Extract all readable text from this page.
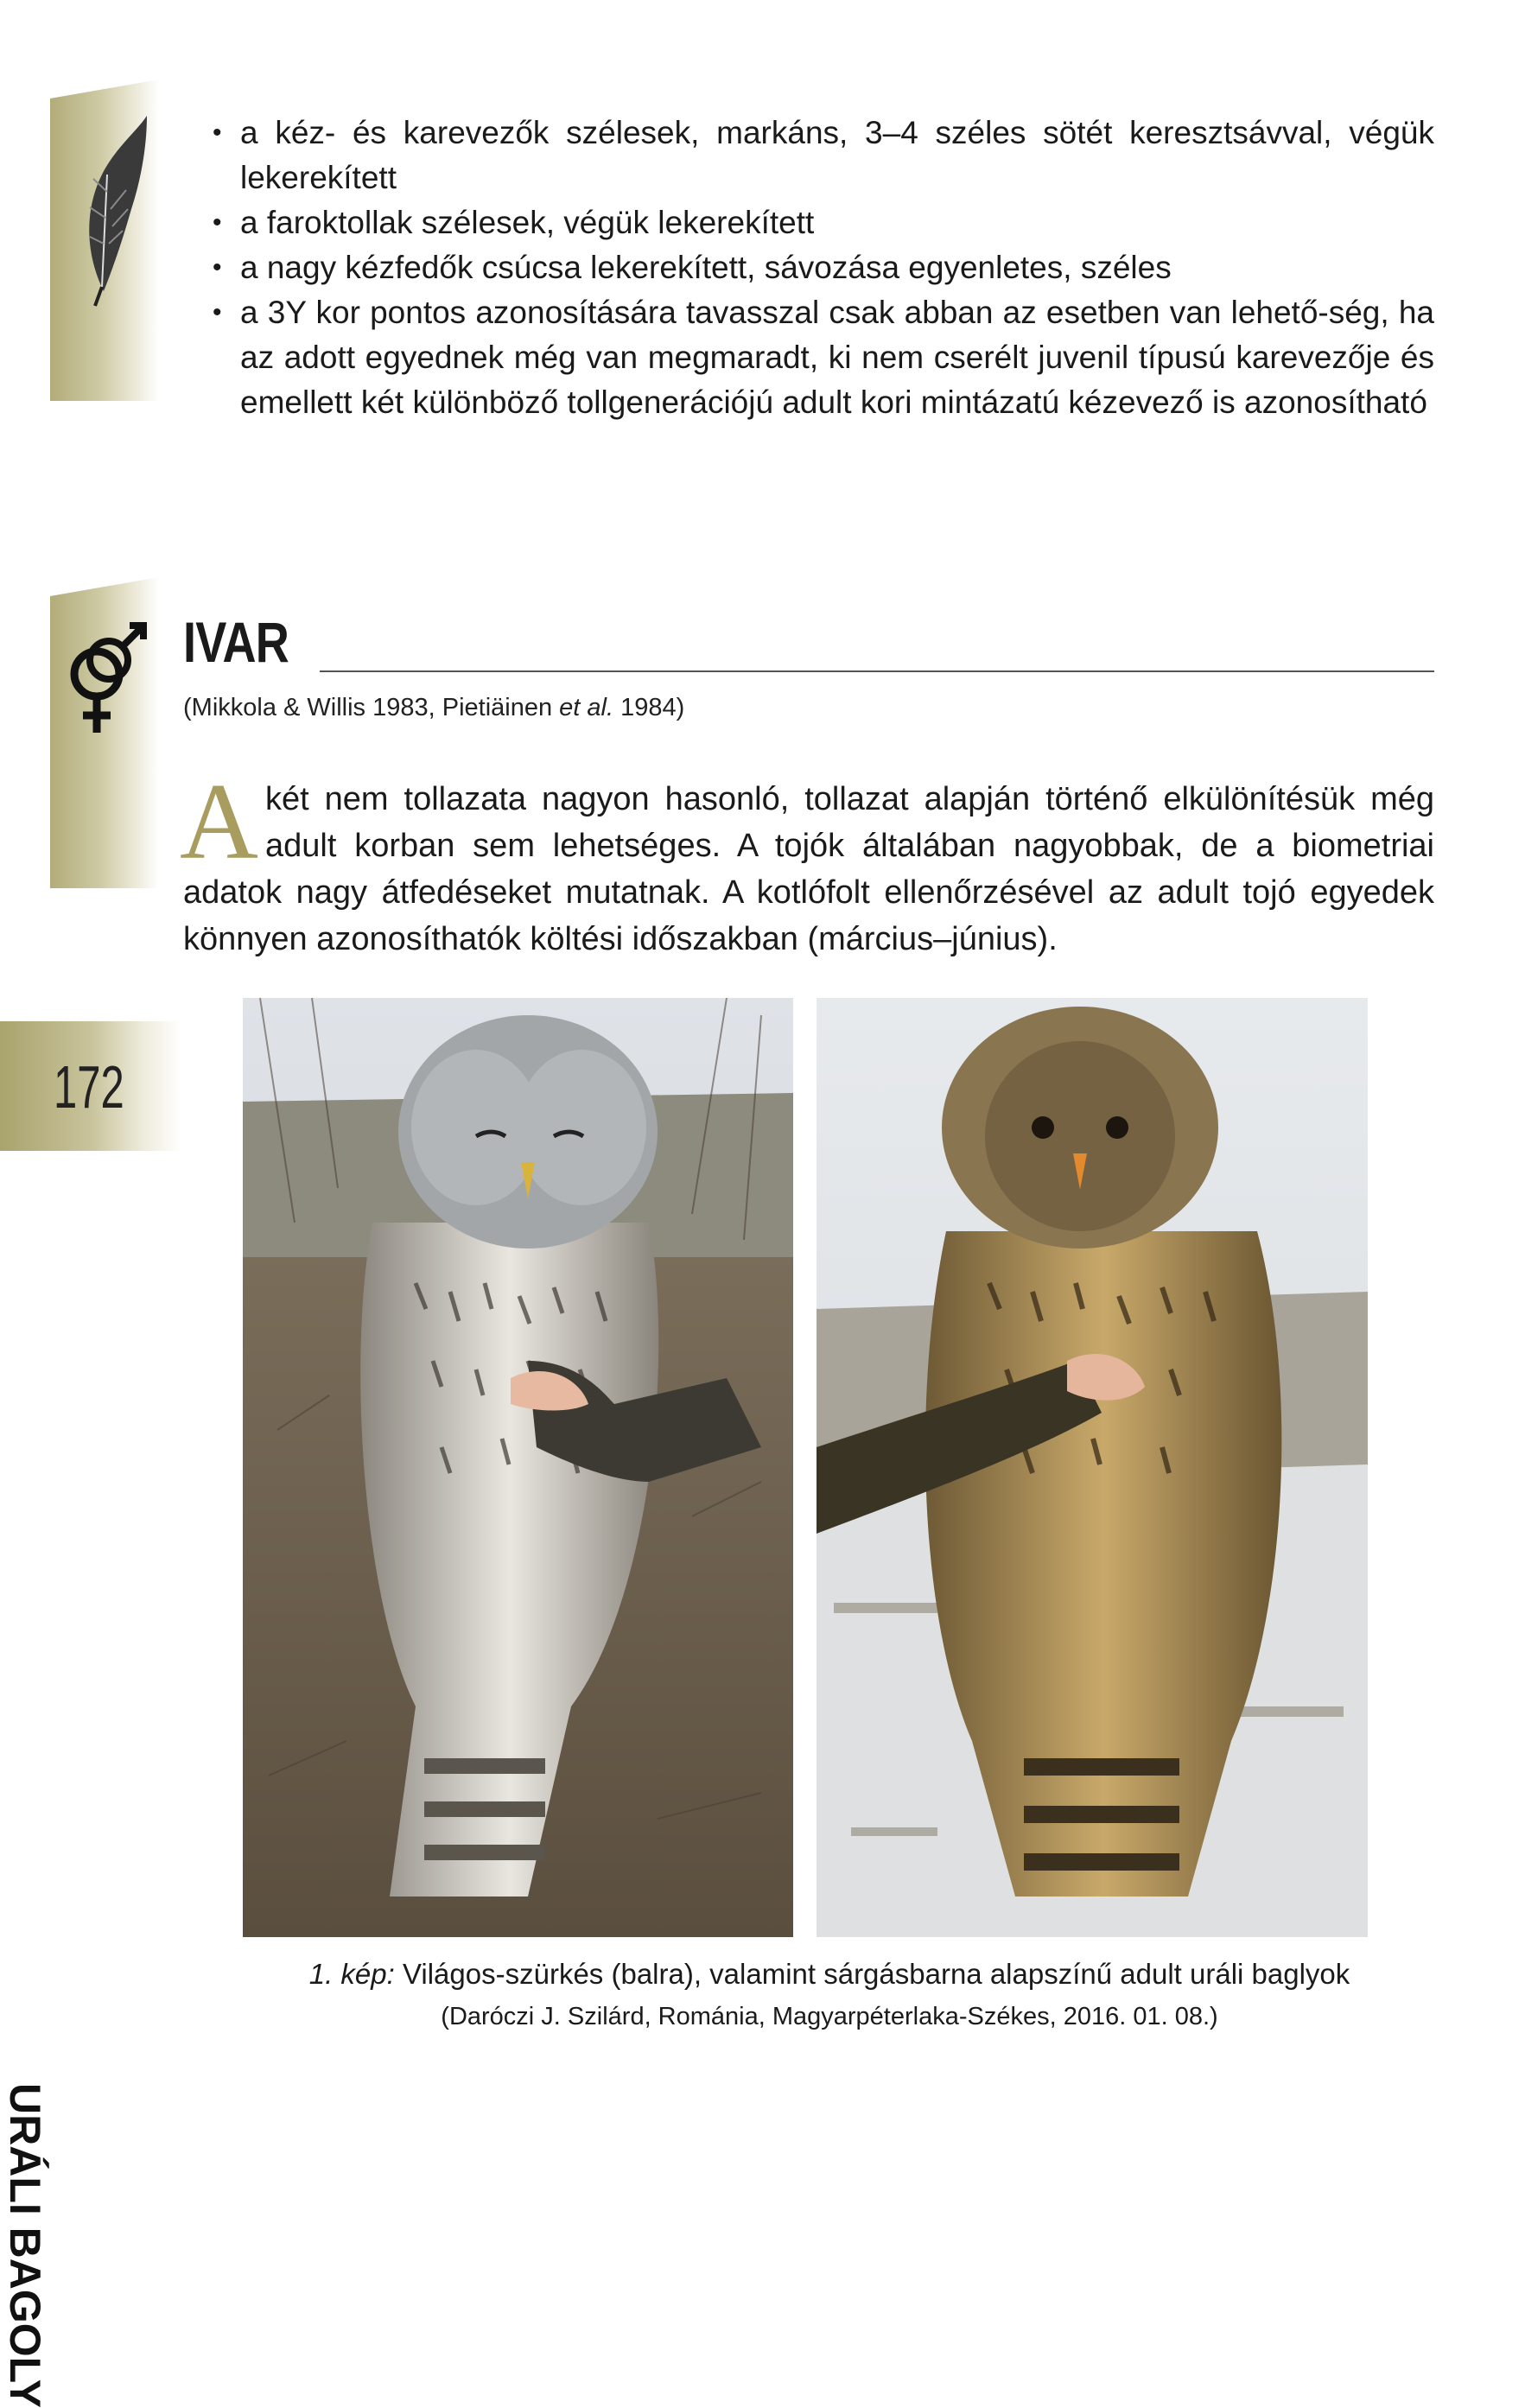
• a kéz- és karevezők szélesek, markáns, 3–4 széles sötét keresztsávval, végük lekerekített
• a faroktollak szélesek, végük lekerekített
• a nagy kézfedők csúcsa lekerekített, sávozása egyenletes, széles
• a 3Y kor pontos azonosítására tavasszal csak abban az esetben van lehető-ség, ha az adott egyednek még van megmaradt, ki nem cserélt juvenil típusú karevezője és emellett két különböző tollgenerációjú adult kori mintázatú kézevező is azonosítható
IVAR
(Mikkola & Willis 1983, Pietiäinen et al. 1984)

A két nem tollazata nagyon hasonló, tollazat alapján történő elkülönítésük még adult korban sem lehetséges. A tojók általában nagyobbak, de a biometriai adatok nagy átfedéseket mutatnak. A kotlófolt ellenőrzésével az adult tojó egyedek könnyen azonosíthatók költési időszakban (március–június).

172
URÁLI BAGOLY
1. kép: Világos-szürkés (balra), valamint sárgásbarna alapszínű adult uráli baglyok
(Daróczi J. Szilárd, Románia, Magyarpéterlaka-Székes, 2016. 01. 08.)
